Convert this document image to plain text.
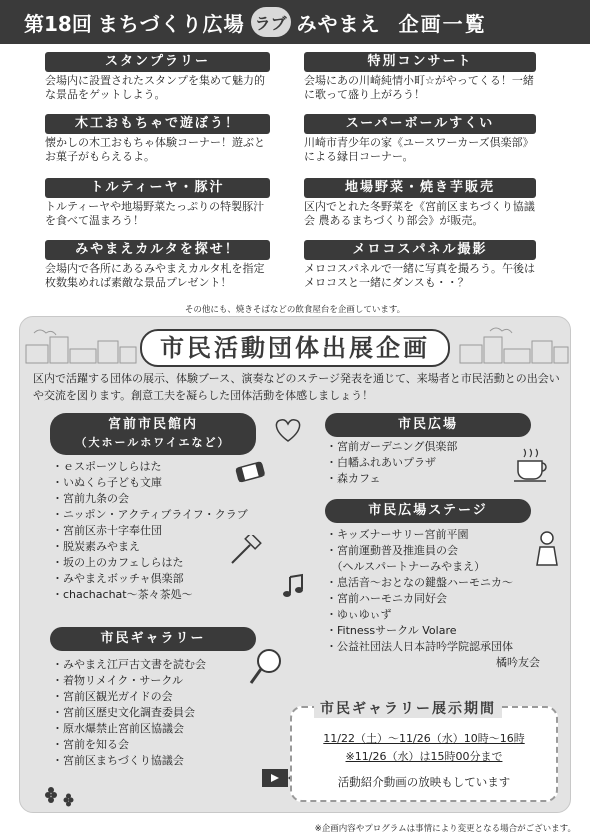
第18回 まちづくり広場 ラブ みやまえ 企画一覧
スタンプラリー
会場内に設置されたスタンプを集めて魅力的な景品をゲットしよう。
木工おもちゃで遊ぼう！
懐かしの木工おもちゃ体験コーナー！遊ぶとお菓子がもらえるよ。
トルティーヤ・豚汁
トルティーヤや地場野菜たっぷりの特製豚汁を食べて温まろう！
みやまえカルタを探せ！
会場内で各所にあるみやまえカルタ札を指定枚数集めれば素敵な景品プレゼント！
特別コンサート
会場にあの川崎純情小町☆がやってくる！一緒に歌って盛り上がろう！
スーパーボールすくい
川崎市青少年の家《ユースワーカーズ倶楽部》による縁日コーナー。
地場野菜・焼き芋販売
区内でとれた冬野菜を《宮前区まちづくり協議会 農あるまちづくり部会》が販売。
メロコスパネル撮影
メロコスパネルで一緒に写真を撮ろう。午後はメロコスと一緒にダンスも・・？
その他にも、焼きそばなどの飲食屋台を企画しています。
市民活動団体出展企画
区内で活躍する団体の展示、体験ブース、演奏などのステージ発表を通じて、来場者と市民活動との出会いや交流を図ります。創意工夫を凝らした団体活動を体感しましょう！
宮前市民館内
（大ホールホワイエなど）
・ｅスポーツしらはた
・いぬくら子ども文庫
・宮前九条の会
・ニッポン・アクティブライフ・クラブ
・宮前区赤十字奉仕団
・脱炭素みやまえ
・坂の上のカフェしらはた
・みやまえボッチャ倶楽部
・chachachat〜茶々茶処〜
市民ギャラリー
・みやまえ江戸古文書を読む会
・着物リメイク・サークル
・宮前区観光ガイドの会
・宮前区歴史文化調査委員会
・原水爆禁止宮前区協議会
・宮前を知る会
・宮前区まちづくり協議会
市民広場
・宮前ガーデニング倶楽部
・白幡ふれあいプラザ
・森カフェ
市民広場ステージ
・キッズナーサリー宮前平園
・宮前運動普及推進員の会
　（ヘルスパートナーみやまえ）
・息活音〜おとなの鍵盤ハーモニカ〜
・宮前ハーモニカ同好会
・ゆぃゆぃず
・Fitnessサークル Volare
・公益社団法人日本詩吟学院認承団体
橘吟友会
市民ギャラリー展示期間
11/22（土）〜11/26（水）10時〜16時
※11/26（水）は15時00分まで
活動紹介動画の放映もしています
※企画内容やプログラムは事情により変更となる場合がございます。
